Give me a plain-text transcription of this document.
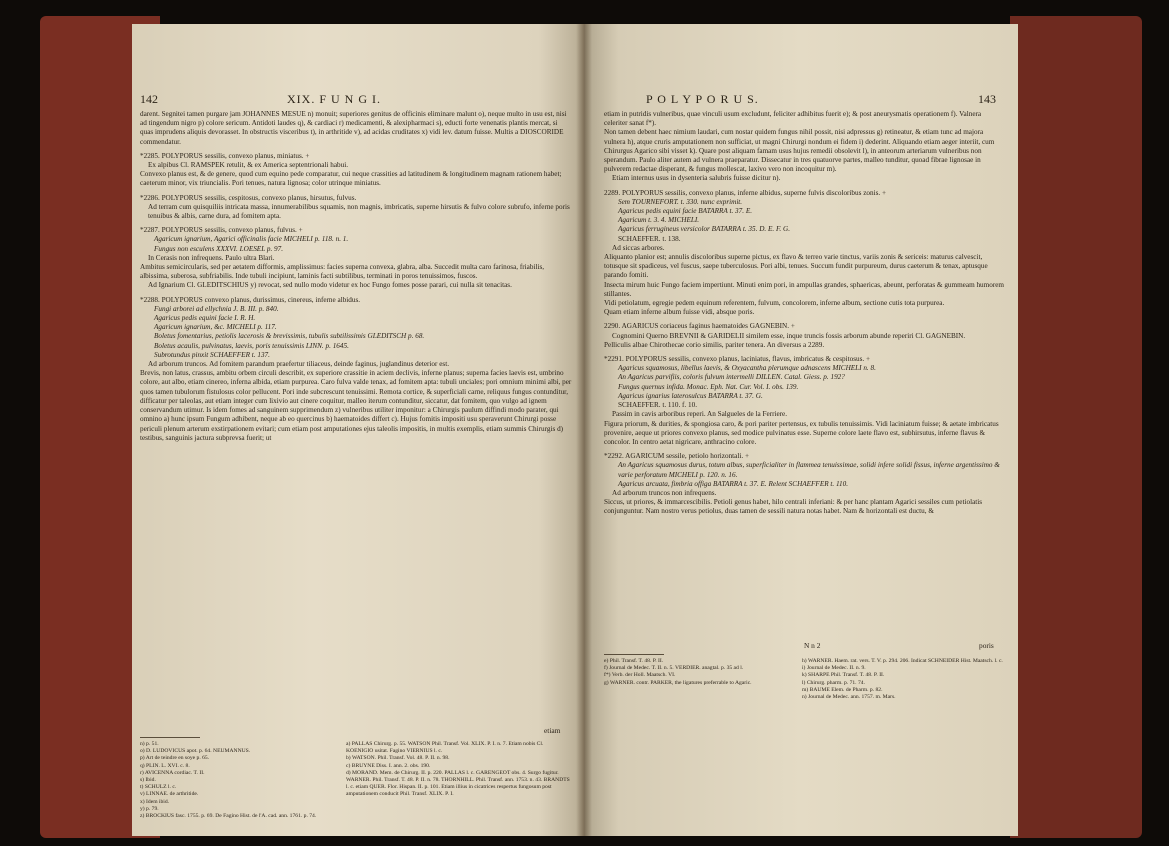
142	XIX. F U N G I.

darent. Segnitei tamen purgare jam JOHANNES MESUE n) monuit; superiores genitus de officinis eliminare malunt o), neque multo in usu est, nisi ad tingendum nigro p) colore sericum. Antidoti laudes q), & cardiaci r) medicamenti, & alexipharmaci s), educti forte venenatis plantis mercat, si quas imprudens aliquis devorasset. In obstructis visceribus t), in arthritide v), ad acidas cruditates x) vidi lev. datum fuisse. Multis a DIOSCORIDE commendatur.

*2285. POLYPORUS sessilis, convexo planus, miniatus. +

Ex alpibus Cl. RAMSPEK retulit, & ex America septentrionali habui.

Convexo planus est, & de genere, quod cum equino pede comparatur, cui neque crassities ad latitudinem & longitudinem magnam rationem habet; caeterum minor, vix triuncialis. Pori tenues, natura lignosa; color utrinque miniatus.

*2286. POLYPORUS sessilis, cespitosus, convexo planus, hirsutus, fulvus.

Ad terram cum quisquiliis intricata massa, innumerabilibus squamis, non magnis, imbricatis, superne hirsutis & fulvo colore subrufo, inferne poris tenuibus & albis, carne dura, ad fomitem apta.

*2287. POLYPORUS sessilis, convexo planus, fulvus. +

Agaricum ignarium, Agarici officinalis facie MICHELI p. 118. n. 1.

Fungus non esculens XXXVI. LOESEL p. 97.

In Cerasis non infrequens. Paulo ultra Blari.

Ambitus semicircularis, sed per aetatem difformis, amplissimus: facies superna convexa, glabra, alba. Succedit multa caro farinosa, friabilis, albissima, suberosa, subfriabilis. Inde tubuli incipiunt, laminis facti subtilibus, terminati in poros tenuissimos, fuscos.

Ad Ignarium Cl. GLEDITSCHIUS y) revocat, sed nullo modo videtur ex hoc Fungo fomes posse parari, cui nulla sit tenacitas.

*2288. POLYPORUS convexo planus, durissimus, cinereus, inferne albidus.

Fungi arborei ad ellychnia J. B. III. p. 840.

Agaricus pedis equini facie I. R. H.

Agaricum ignarium, &c. MICHELI p. 117.

Boletus fomentarius, petiolis lacerosis & brevissimis, tubulis subtilissimis GLEDITSCH p. 68.

Boletus acaulis, pulvinatus, laevis, poris tenuissimis LINN. p. 1645.

Subrotundus pinxit SCHAEFFER t. 137.

Ad arborum truncos. Ad fomitem parandum praefertur tiliaceus, deinde faginus, juglandinus deterior est.

Brevis, non latus, crassus, ambitu orbem circuli describit, ex superiore crassitie in aciem declivis, inferne planus; superna facies laevis est, umbrino colore, aut albo, etiam cinereo, inferna albida, etiam purpurea. Caro fulva valde tenax, ad fomitem apta: tubuli unciales; pori omnium minimi albi, per quos tamen tubulorum fistulosus color pellucent. Pori inde subcrescunt tenuissimi. Remota cortice, & superficiali carne, reliquus fungus contunditur, difficatur per taleolas, aut etiam integer cum lixivio aut cinere coquitur, malleo iterum contunditur, siccatur, dat fomitem, quo vulgo ad ignem conservandum utimur. Is idem fomes ad sanguinem supprimendum z) vulneribus utiliter imponitur: a Chirurgis paulum diffindi modo parater, qui omnino a) hunc ipsum Fungum adhibent, neque ab eo quercinus b) haematoides differt c). Hujus fomitis impositi usu speraverunt Chirurgi posse periculi plenum arterum exstirpationem evitari; cum etiam post amputationes ejus taleolis impositis, in multis exemplis, etiam summis Chirurgis d) testibus, sanguinis jactura subprevsa fuerit; ut

etiam

n) p. 51.

o) D. LUDOVICUS apot. p. 64. NEUMANNUS.

p) Art de teindre en soye p. 65.

q) PLIN. L. XVI. c. 8.

r) AVICENNA cordiac. T. II.

s) Ibid.

t) SCHULZ l. c.

v) LINNAE. de arthritide.

x) Idem ibid.

y) p. 79.

z) BROCKIUS fasc. 1755. p. 69. De Fagino Hist. de l'A. cad. ann. 1761. p. 74.

a) PALLAS Chirurg. p. 55. WATSON Phil. Transf. Vol. XLIX. P. I. n. 7. Etiam nobis Cl. KOENIGIO usitat. Fagino VIERNIUS l. c.

b) WATSON. Phil. Transf. Vol. 48. P. II. n. 98.

c) BRUYNE Diss. I. ann. 2. obs. 190.

d) MORAND. Mem. de Chirurg. II. p. 220. PALLAS l. c. GARENGEOT obs. 4. Surgo fugitur. WARNER. Phil. Transf. T. 48. P. II. n. 78. THORNHILL. Phil. Transf. ann. 1753. n. 43. BRANDTS l. c. etiam QUER. Flor. Hispan. II. p. 101. Etiam illius in cicatrices respertus fungosum post amputationem conducit Phil. Transf. XLIX. P. I.

P O L Y P O R U S.	143

etiam in putridis vulneribus, quae vinculi usum excludunt, feliciter adhibitus fuerit e); & post aneurysmatis operationem f). Valnera celeriter sanat f*).

Non tamen debent haec nimium laudari, cum nostar quidem fungus nihil possit, nisi adpressus g) retineatur, & etiam tunc ad majora vulnera h), atque cruris amputationem non sufficiat, ut magni Chirurgi nondum ei fidem i) dederint. Aliquando etiam aeger interiit, cum Chirurgus Agarico sibi visset k). Quare post aliquam famam usus hujus remedii obsolevit l), in anteorum arteriarum vulneribus non sperandum. Paulo aliter autem ad vulnera praeparatur. Dissecatur in tres quatuorve partes, malleo tunditur, quoad fibrae lignosae in pulverem redactae disperant, & fungus mollescat, laxivo vero non incoquitur m).

Etiam internus usus in dysenteria salubris fuisse dicitur n).

2289. POLYPORUS sessilis, convexo planus, inferne albidus, superne fulvis discoloribus zonis. +

Sem TOURNEFORT. t. 330. nunc exprimit.

Agaricus pedis equini facie BATARRA t. 37. E.

Agaricum t. 3. 4. MICHELI.

Agaricus ferrugineus versicolor BATARRA t. 35. D. E. F. G.

SCHAEFFER. t. 138.

Ad siccas arbores.

Aliquanto planior est; annulis discoloribus superne pictus, ex flavo & terreo varie tinctus, variis zonis & sericeis: maturus calvescit, totusque sit spadiceus, vel fuscus, saepe tuberculosus. Pori albi, tenues. Succum fundit purpureum, durus caeterum & tenax, aptusque parando fomiti.

Insecta mirum huic Fungo faciem impertiunt. Minuti enim pori, in ampullas grandes, sphaericas, abeunt, perforatas & gummeam humorem stillantes.

Vidi petiolatum, egregie pedem equinum referentem, fulvum, concolorem, inferne album, sectione cutis tota purpurea.

Quam etiam inferne album fuisse vidi, absque poris.

2290. AGARICUS coriaceus faginus haematoides GAGNEBIN. +

Cognomini Querno BREVNII & GARIDELII similem esse, inque truncis fossis arborum abunde reperiri Cl. GAGNEBIN.

Pelliculis albae Chirothecae corio similis, pariter tenera. An diversus a 2289.

*2291. POLYPORUS sessilis, convexo planus, laciniatus, flavus, imbricatus & cespitosus. +

Agaricus squamosus, libellus laevis, & Oxyacantha plerumque adnascens MICHELI n. 8.

An Agaricus parvifiis, coloris fulvum intermelli DILLEN. Catal. Giess. p. 192?

Fungus quernus infida. Monac. Eph. Nat. Cur. Vol. I. obs. 139.

Agaricus ignarius laterosulcus BATARRA t. 37. G.

SCHAEFFER. t. 110. f. 10.

Passim in cavis arboribus reperi. An Salgueles de la Ferriere.

Figura priorum, & durities, & spongiosa caro, & pori pariter pertensus, ex tubulis tenuissimis. Vidi laciniatum fuisse; & aetate imbricatus provenire, aeque ut priores convexo planus, sed modice pulvinatus esse. Superne colore laete flavo est, subhirsutus, inferne flavus & concolor. In centro aetat nigricare, anthracino colore.

*2292. AGARICUM sessile, petiolo horizontali. +

An Agaricus squamosus durus, totum albus, superficialiter in flammea tenuissimae, solidi infere solidi fissus, inferne argentissimo & varie perforatum MICHELI p. 120. n. 16.

Agaricus arcuata, fimbria offiga BATARRA t. 37. E. Relent SCHAEFFER t. 110.

Ad arborum truncos non infrequens.

Siccus, ut priores, & immarcescibilis. Petioli genus habet, hilo centrali inferiani: & per hanc plantam Agarici sessiles cum petiolatis conjunguntur. Nam nostro verus petiolus, duas tamen de sessili natura notas habet. Nam & horizontali est ductu, &

N n 2	poris

e) Phil. Transf. T. 48. P. II.

f) Journal de Medec. T. II. n. 5. VERDIER. anagtal. p. 35 ad l.

f*) Verb. der Holl. Maatsch. VI.

g) WARNER. contr. PARKER, the ligatures preferrable to Agaric.

h) WARNER. Haem. rat. vers. T. V. p. 294. 206. Indicat SCHNEIDER Hist. Maatsch. l. c.

i) Journal de Medec. II. n. 9.

k) SHARPE Phil. Transf. T. 48. P. II.

l) Chirurg. pharm. p. 71. 74.

m) BAUME Elem. de Pharm. p. 82.

n) Journal de Medec. ann. 1757. m. Mars.
